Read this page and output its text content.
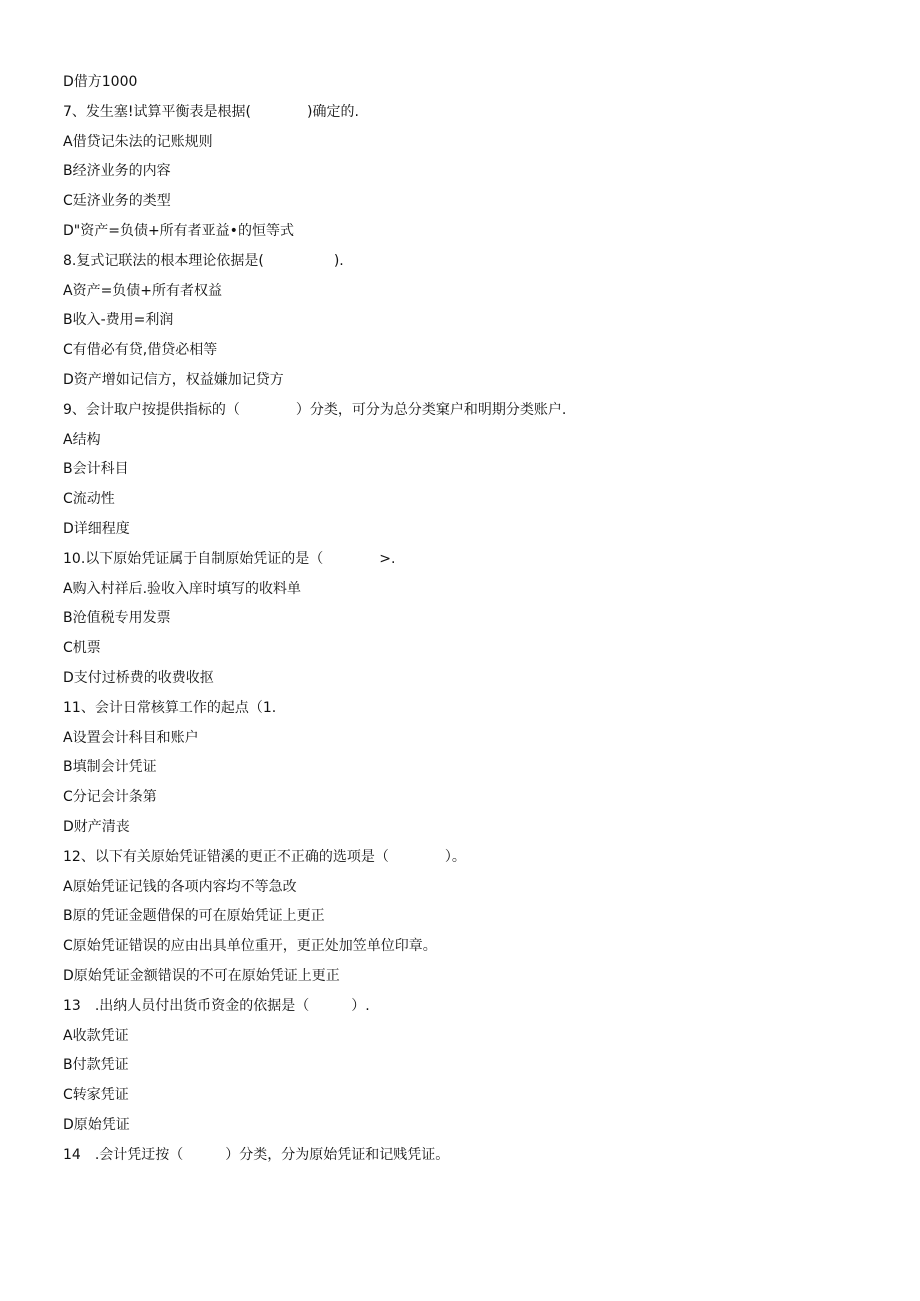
D借方1000
7、发生塞!试算平衡表是根据(　　　　)确定的.
A借贷记朱法的记账规则
B经济业务的内容
C廷济业务的类型
D"资产=负债+所有者亚益•的恒等式
8.复式记联法的根本理论依据是(　　　　　).
A资产=负债+所有者权益
B收入-费用=利润
C有借必有贷,借贷必相等
D资产增如记信方，权益嫌加记贷方
9、会计取户按提供指标的（　　　　）分类，可分为总分类窠户和明期分类账户.
A结构
B会计科目
C流动性
D详细程度
10.以下原始凭证属于自制原始凭证的是（　　　　>.
A购入村祥后.验收入庠时填写的收料单
B沧值税专用发票
C机票
D支付过桥费的收费收抠
11、会计日常核算工作的起点（1.
A设置会计科目和账户
B填制会计凭证
C分记会计条第
D财产清丧
12、以下有关原始凭证错溪的更正不正确的选项是（　　　　）。
A原始凭证记钱的各项内容均不等急改
B原的凭证金题借保的可在原始凭证上更正
C原始凭证错误的应由出具单位重开，更正处加笠单位印章。
D原始凭证金额错误的不可在原始凭证上更正
13　.出纳人员付出货币资金的依据是（　　　）.
A收款凭证
B付款凭证
C转家凭证
D原始凭证
14　.会计凭迂按（　　　）分类，分为原始凭证和记贱凭证。
